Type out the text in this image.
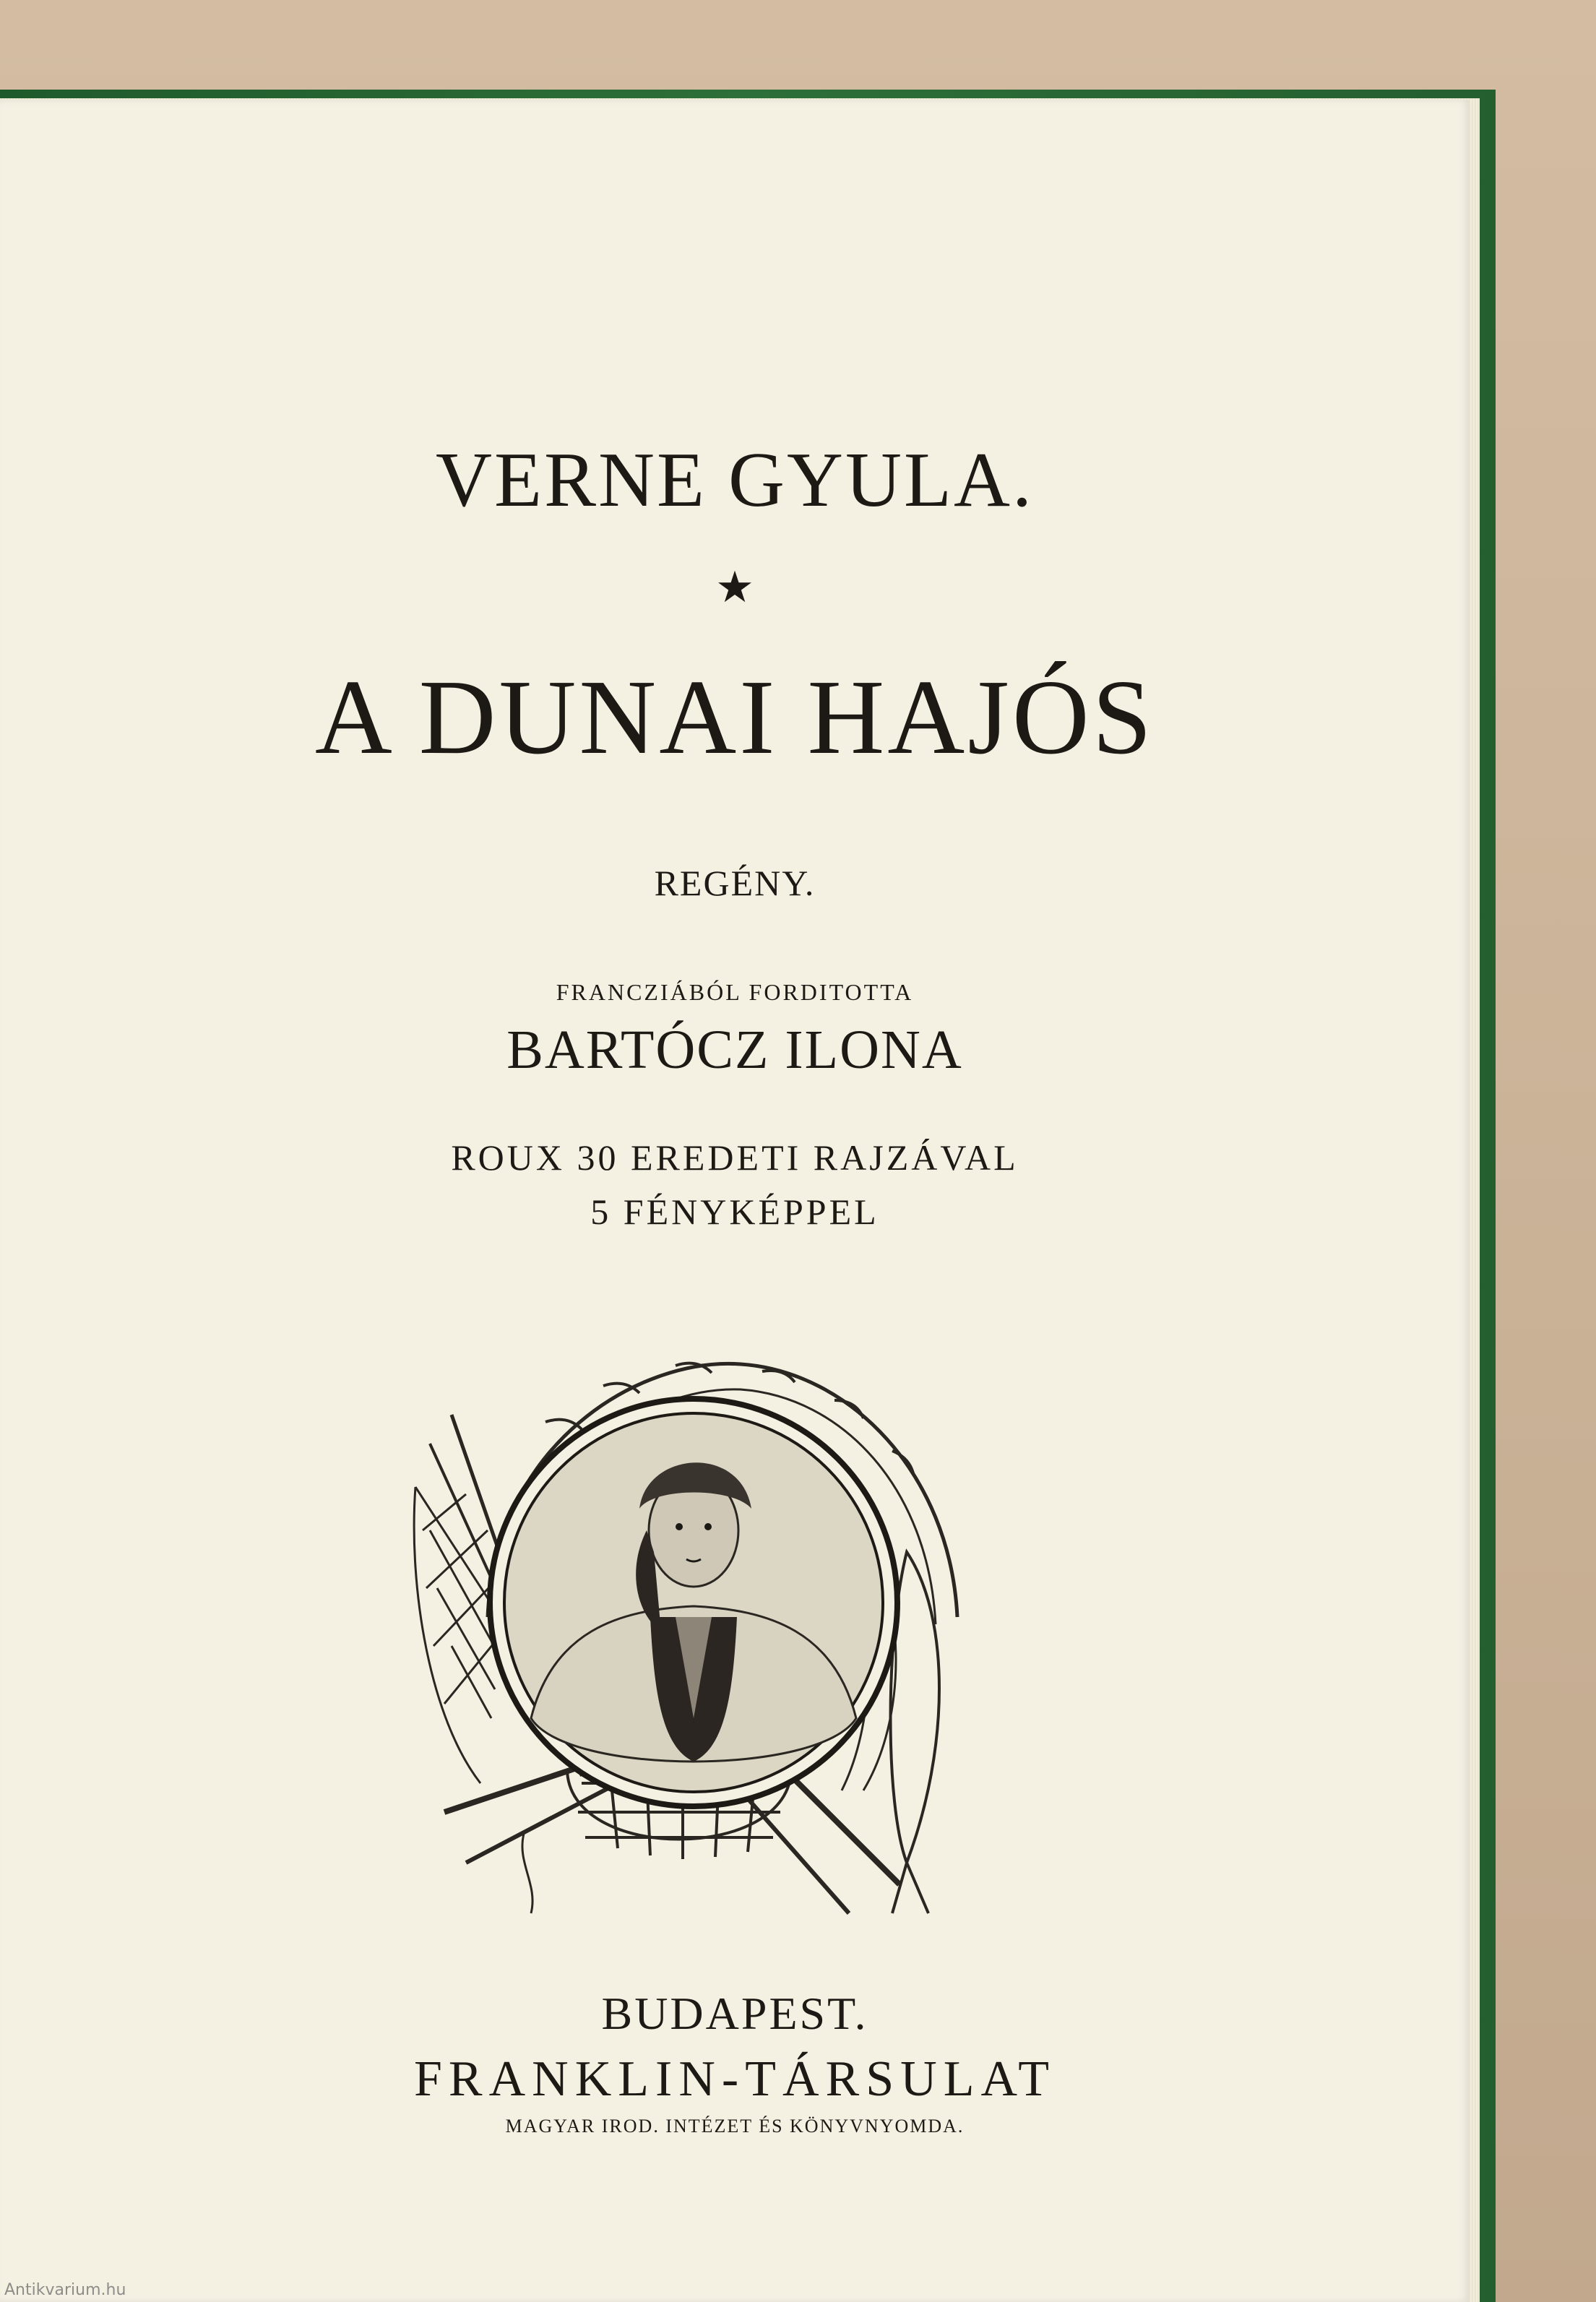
VERNE GYULA.

★

A DUNAI HAJÓS

REGÉNY.

FRANCZIÁBÓL FORDITOTTA

BARTÓCZ ILONA

ROUX 30 EREDETI RAJZÁVAL

5 FÉNYKÉPPEL

BUDAPEST.

FRANKLIN-TÁRSULAT

MAGYAR IROD. INTÉZET ÉS KÖNYVNYOMDA.

Antikvarium.hu
